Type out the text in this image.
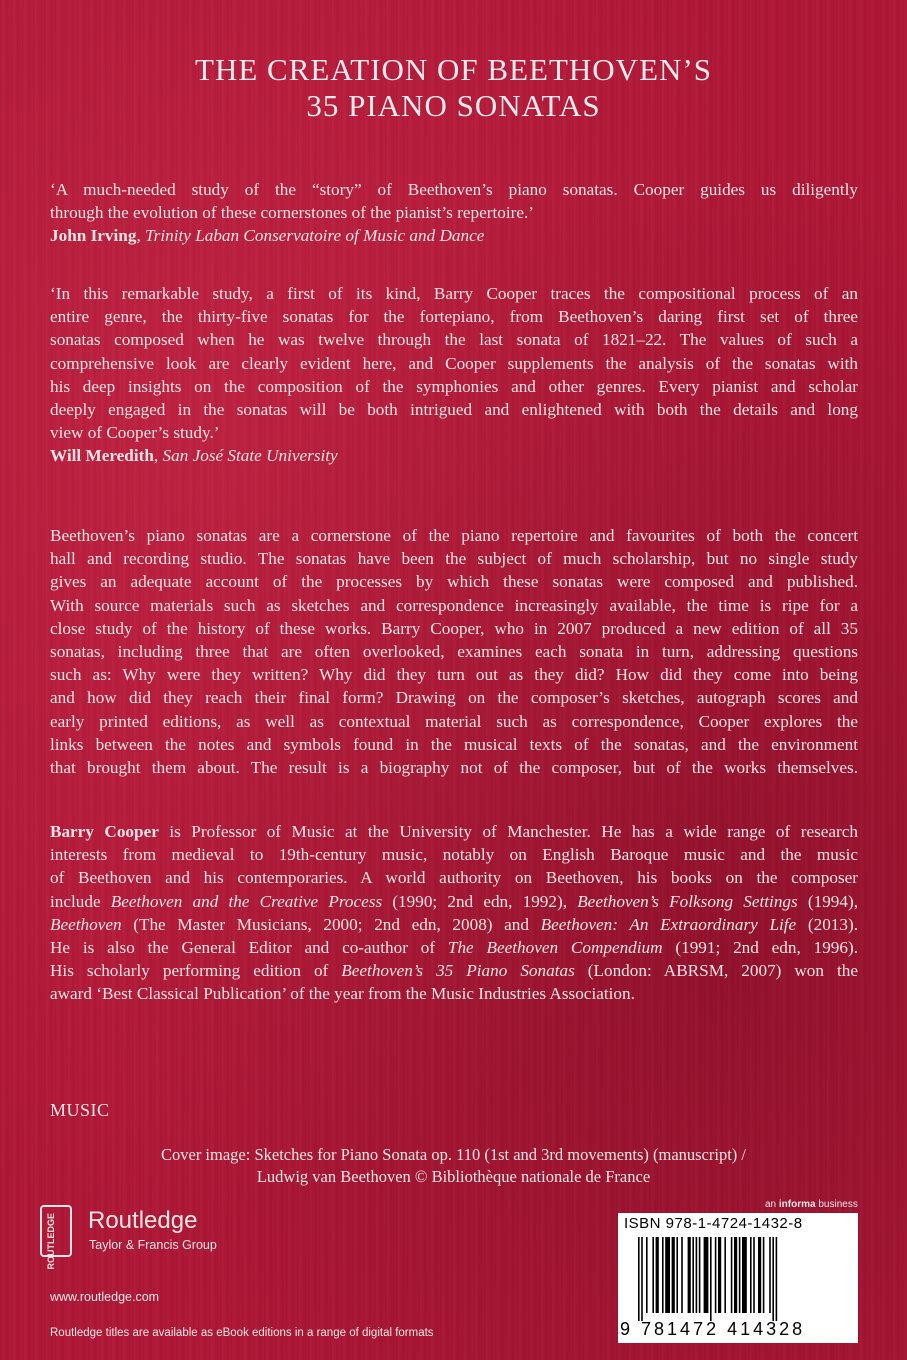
THE CREATION OF BEETHOVEN’S
35 PIANO SONATAS
‘A much-needed study of the “story” of Beethoven’s piano sonatas. Cooper guides us diligently
through the evolution of these cornerstones of the pianist’s repertoire.’
John Irving, Trinity Laban Conservatoire of Music and Dance
‘In this remarkable study, a first of its kind, Barry Cooper traces the compositional process of an
entire genre, the thirty-five sonatas for the fortepiano, from Beethoven’s daring first set of three
sonatas composed when he was twelve through the last sonata of 1821–22. The values of such a
comprehensive look are clearly evident here, and Cooper supplements the analysis of the sonatas with
his deep insights on the composition of the symphonies and other genres. Every pianist and scholar
deeply engaged in the sonatas will be both intrigued and enlightened with both the details and long
view of Cooper’s study.’
Will Meredith, San José State University
Beethoven’s piano sonatas are a cornerstone of the piano repertoire and favourites of both the concert
hall and recording studio. The sonatas have been the subject of much scholarship, but no single study
gives an adequate account of the processes by which these sonatas were composed and published.
With source materials such as sketches and correspondence increasingly available, the time is ripe for a
close study of the history of these works. Barry Cooper, who in 2007 produced a new edition of all 35
sonatas, including three that are often overlooked, examines each sonata in turn, addressing questions
such as: Why were they written? Why did they turn out as they did? How did they come into being
and how did they reach their final form? Drawing on the composer’s sketches, autograph scores and
early printed editions, as well as contextual material such as correspondence, Cooper explores the
links between the notes and symbols found in the musical texts of the sonatas, and the environment
that brought them about. The result is a biography not of the composer, but of the works themselves.
Barry Cooper is Professor of Music at the University of Manchester. He has a wide range of research
interests from medieval to 19th-century music, notably on English Baroque music and the music
of Beethoven and his contemporaries. A world authority on Beethoven, his books on the composer
include Beethoven and the Creative Process (1990; 2nd edn, 1992), Beethoven’s Folksong Settings (1994),
Beethoven (The Master Musicians, 2000; 2nd edn, 2008) and Beethoven: An Extraordinary Life (2013).
He is also the General Editor and co-author of The Beethoven Compendium (1991; 2nd edn, 1996).
His scholarly performing edition of Beethoven’s 35 Piano Sonatas (London: ABRSM, 2007) won the
award ‘Best Classical Publication’ of the year from the Music Industries Association.
MUSIC
Cover image: Sketches for Piano Sonata op. 110 (1st and 3rd movements) (manuscript) /
Ludwig van Beethoven © Bibliothèque nationale de France
ROUTLEDGE Routledge
Taylor & Francis Group
www.routledge.com
Routledge titles are available as eBook editions in a range of digital formats
an informa business
ISBN 978-1-4724-1432-8
9 781472 414328
